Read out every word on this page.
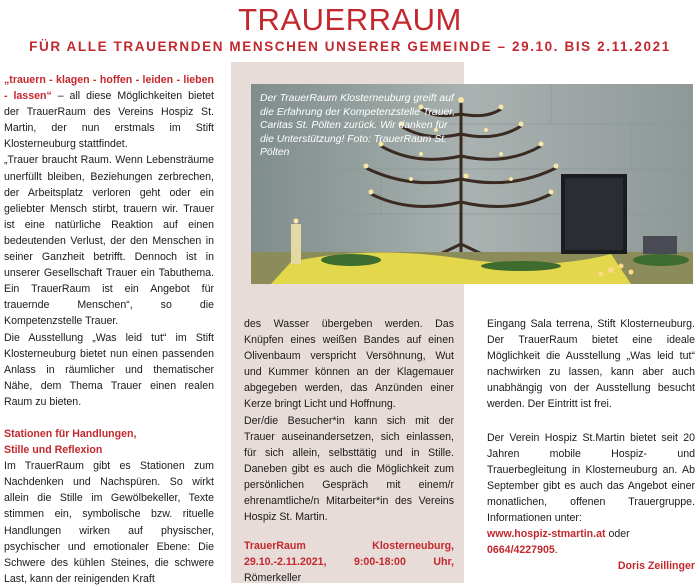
TRAUERRAUM
FÜR ALLE TRAUERNDEN MENSCHEN UNSERER GEMEINDE – 29.10. BIS 2.11.2021

„trauern - klagen - hoffen - leiden - lieben - lassen“ – all diese Möglichkeiten bietet der TrauerRaum des Vereins Hospiz St. Martin, der nun erstmals im Stift Klosterneuburg stattfindet.

„Trauer braucht Raum. Wenn Lebensträume unerfüllt bleiben, Beziehungen zerbrechen, der Arbeitsplatz verloren geht oder ein geliebter Mensch stirbt, trauern wir. Trauer ist eine natürliche Reaktion auf einen bedeutenden Verlust, der den Menschen in seiner Ganzheit betrifft. Dennoch ist in unserer Gesellschaft Trauer ein Tabuthema. Ein TrauerRaum ist ein Angebot für trauernde Menschen“, so die Kompetenzstelle Trauer.

Die Ausstellung „Was leid tut“ im Stift Klosterneuburg bietet nun einen passenden Anlass in räumlicher und thematischer Nähe, dem Thema Trauer einen realen Raum zu bieten.

Stationen für Handlungen,
Stille und Reflexion

Im TrauerRaum gibt es Stationen zum Nachdenken und Nachspüren. So wirkt allein die Stille im Gewölbekeller, Texte stimmen ein, symbolische bzw. rituelle Handlungen wirken auf physischer, psychischer und emotionaler Ebene: Die Schwere des kühlen Steines, die schwere Last, kann der reinigenden Kraft

Der TrauerRaum Klosterneuburg greift auf die Erfahrung der Kompetenzstelle Trauer, Caritas St. Pölten zurück. Wir danken für die Unterstützung! Foto: TrauerRaum St. Pölten

des Wasser übergeben werden. Das Knüpfen eines weißen Bandes auf einen Olivenbaum verspricht Versöhnung, Wut und Kummer können an der Klagemauer abgegeben werden, das Anzünden einer Kerze bringt Licht und Hoffnung.

Der/die Besucher*in kann sich mit der Trauer auseinandersetzen, sich einlassen, für sich allein, selbsttätig und in Stille. Daneben gibt es auch die Möglichkeit zum persönlichen Gespräch mit einem/r ehrenamtliche/n Mitarbeiter*in des Vereins Hospiz St. Martin.

TrauerRaum Klosterneuburg, 29.10.-2.11.2021, 9:00-18:00 Uhr, Römerkeller

Eingang Sala terrena, Stift Klosterneuburg. Der TrauerRaum bietet eine ideale Möglichkeit die Ausstellung „Was leid tut“ nachwirken zu lassen, kann aber auch unabhängig von der Ausstellung besucht werden. Der Eintritt ist frei.

Der Verein Hospiz St.Martin bietet seit 20 Jahren mobile Hospiz- und Trauerbegleitung in Klosterneuburg an. Ab September gibt es auch das Angebot einer monatlichen, offenen Trauergruppe. Informationen unter:

www.hospiz-stmartin.at oder
0664/4227905.

Doris Zeillinger
